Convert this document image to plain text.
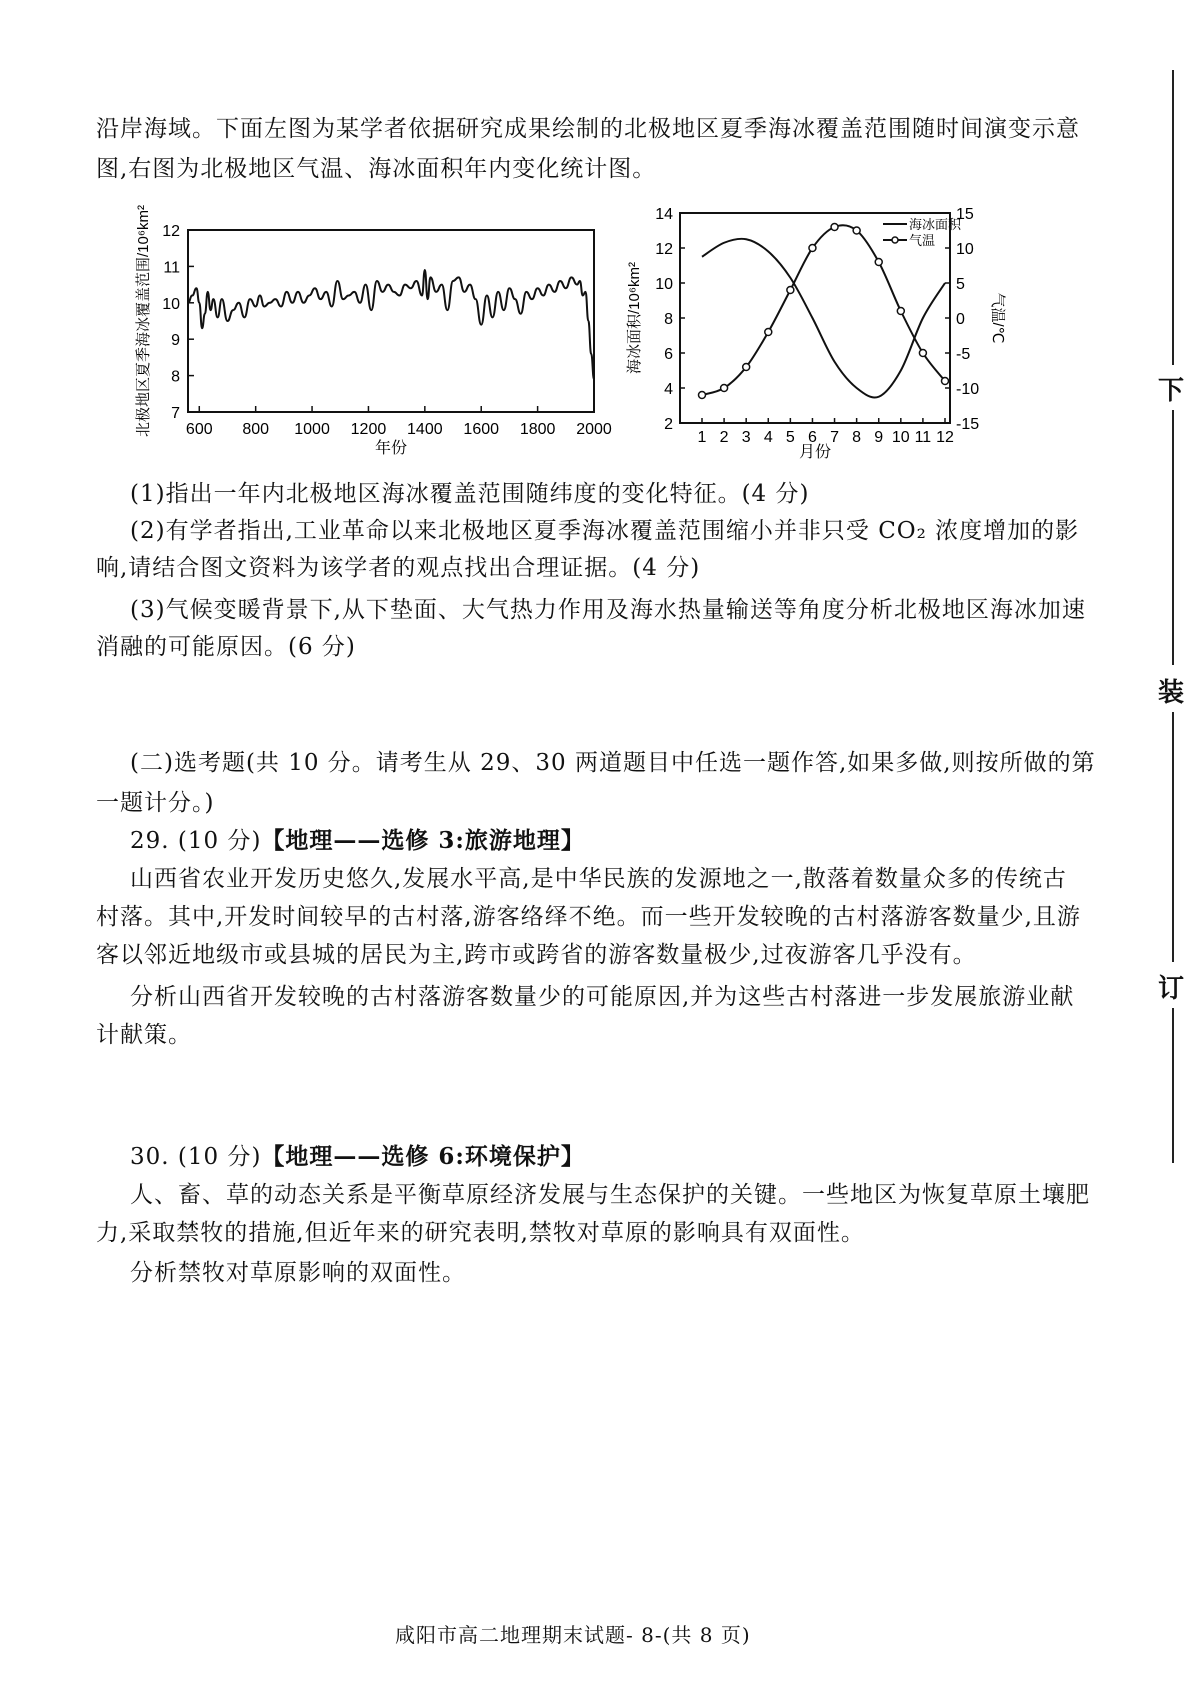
沿岸海域。下面左图为某学者依据研究成果绘制的北极地区夏季海冰覆盖范围随时间演变示意
图,右图为北极地区气温、海冰面积年内变化统计图。
7
8
9
10
11
12
600 800 1000 1200 1400 1600 1800 2000
北极地区夏季海冰覆盖范围/10⁶km²
年份
2
4
6
8
10
12
14	15
10
5
0
-5
-10
-15
1 2 3 4 5 6 7 8 9 10 11 12
海冰面积
气温
海冰面积/10⁶km²	气温/℃
月份
(1)指出一年内北极地区海冰覆盖范围随纬度的变化特征。(4 分)
(2)有学者指出,工业革命以来北极地区夏季海冰覆盖范围缩小并非只受 CO₂ 浓度增加的影
响,请结合图文资料为该学者的观点找出合理证据。(4 分)
(3)气候变暖背景下,从下垫面、大气热力作用及海水热量输送等角度分析北极地区海冰加速
消融的可能原因。(6 分)
(二)选考题(共 10 分。请考生从 29、30 两道题目中任选一题作答,如果多做,则按所做的第
一题计分。)
29. (10 分)【地理——选修 3:旅游地理】
山西省农业开发历史悠久,发展水平高,是中华民族的发源地之一,散落着数量众多的传统古
村落。其中,开发时间较早的古村落,游客络绎不绝。而一些开发较晚的古村落游客数量少,且游
客以邻近地级市或县城的居民为主,跨市或跨省的游客数量极少,过夜游客几乎没有。
分析山西省开发较晚的古村落游客数量少的可能原因,并为这些古村落进一步发展旅游业献
计献策。
30. (10 分)【地理——选修 6:环境保护】
人、畜、草的动态关系是平衡草原经济发展与生态保护的关键。一些地区为恢复草原土壤肥
力,采取禁牧的措施,但近年来的研究表明,禁牧对草原的影响具有双面性。
分析禁牧对草原影响的双面性。
咸阳市高二地理期末试题- 8-(共 8 页)
下
装
订
